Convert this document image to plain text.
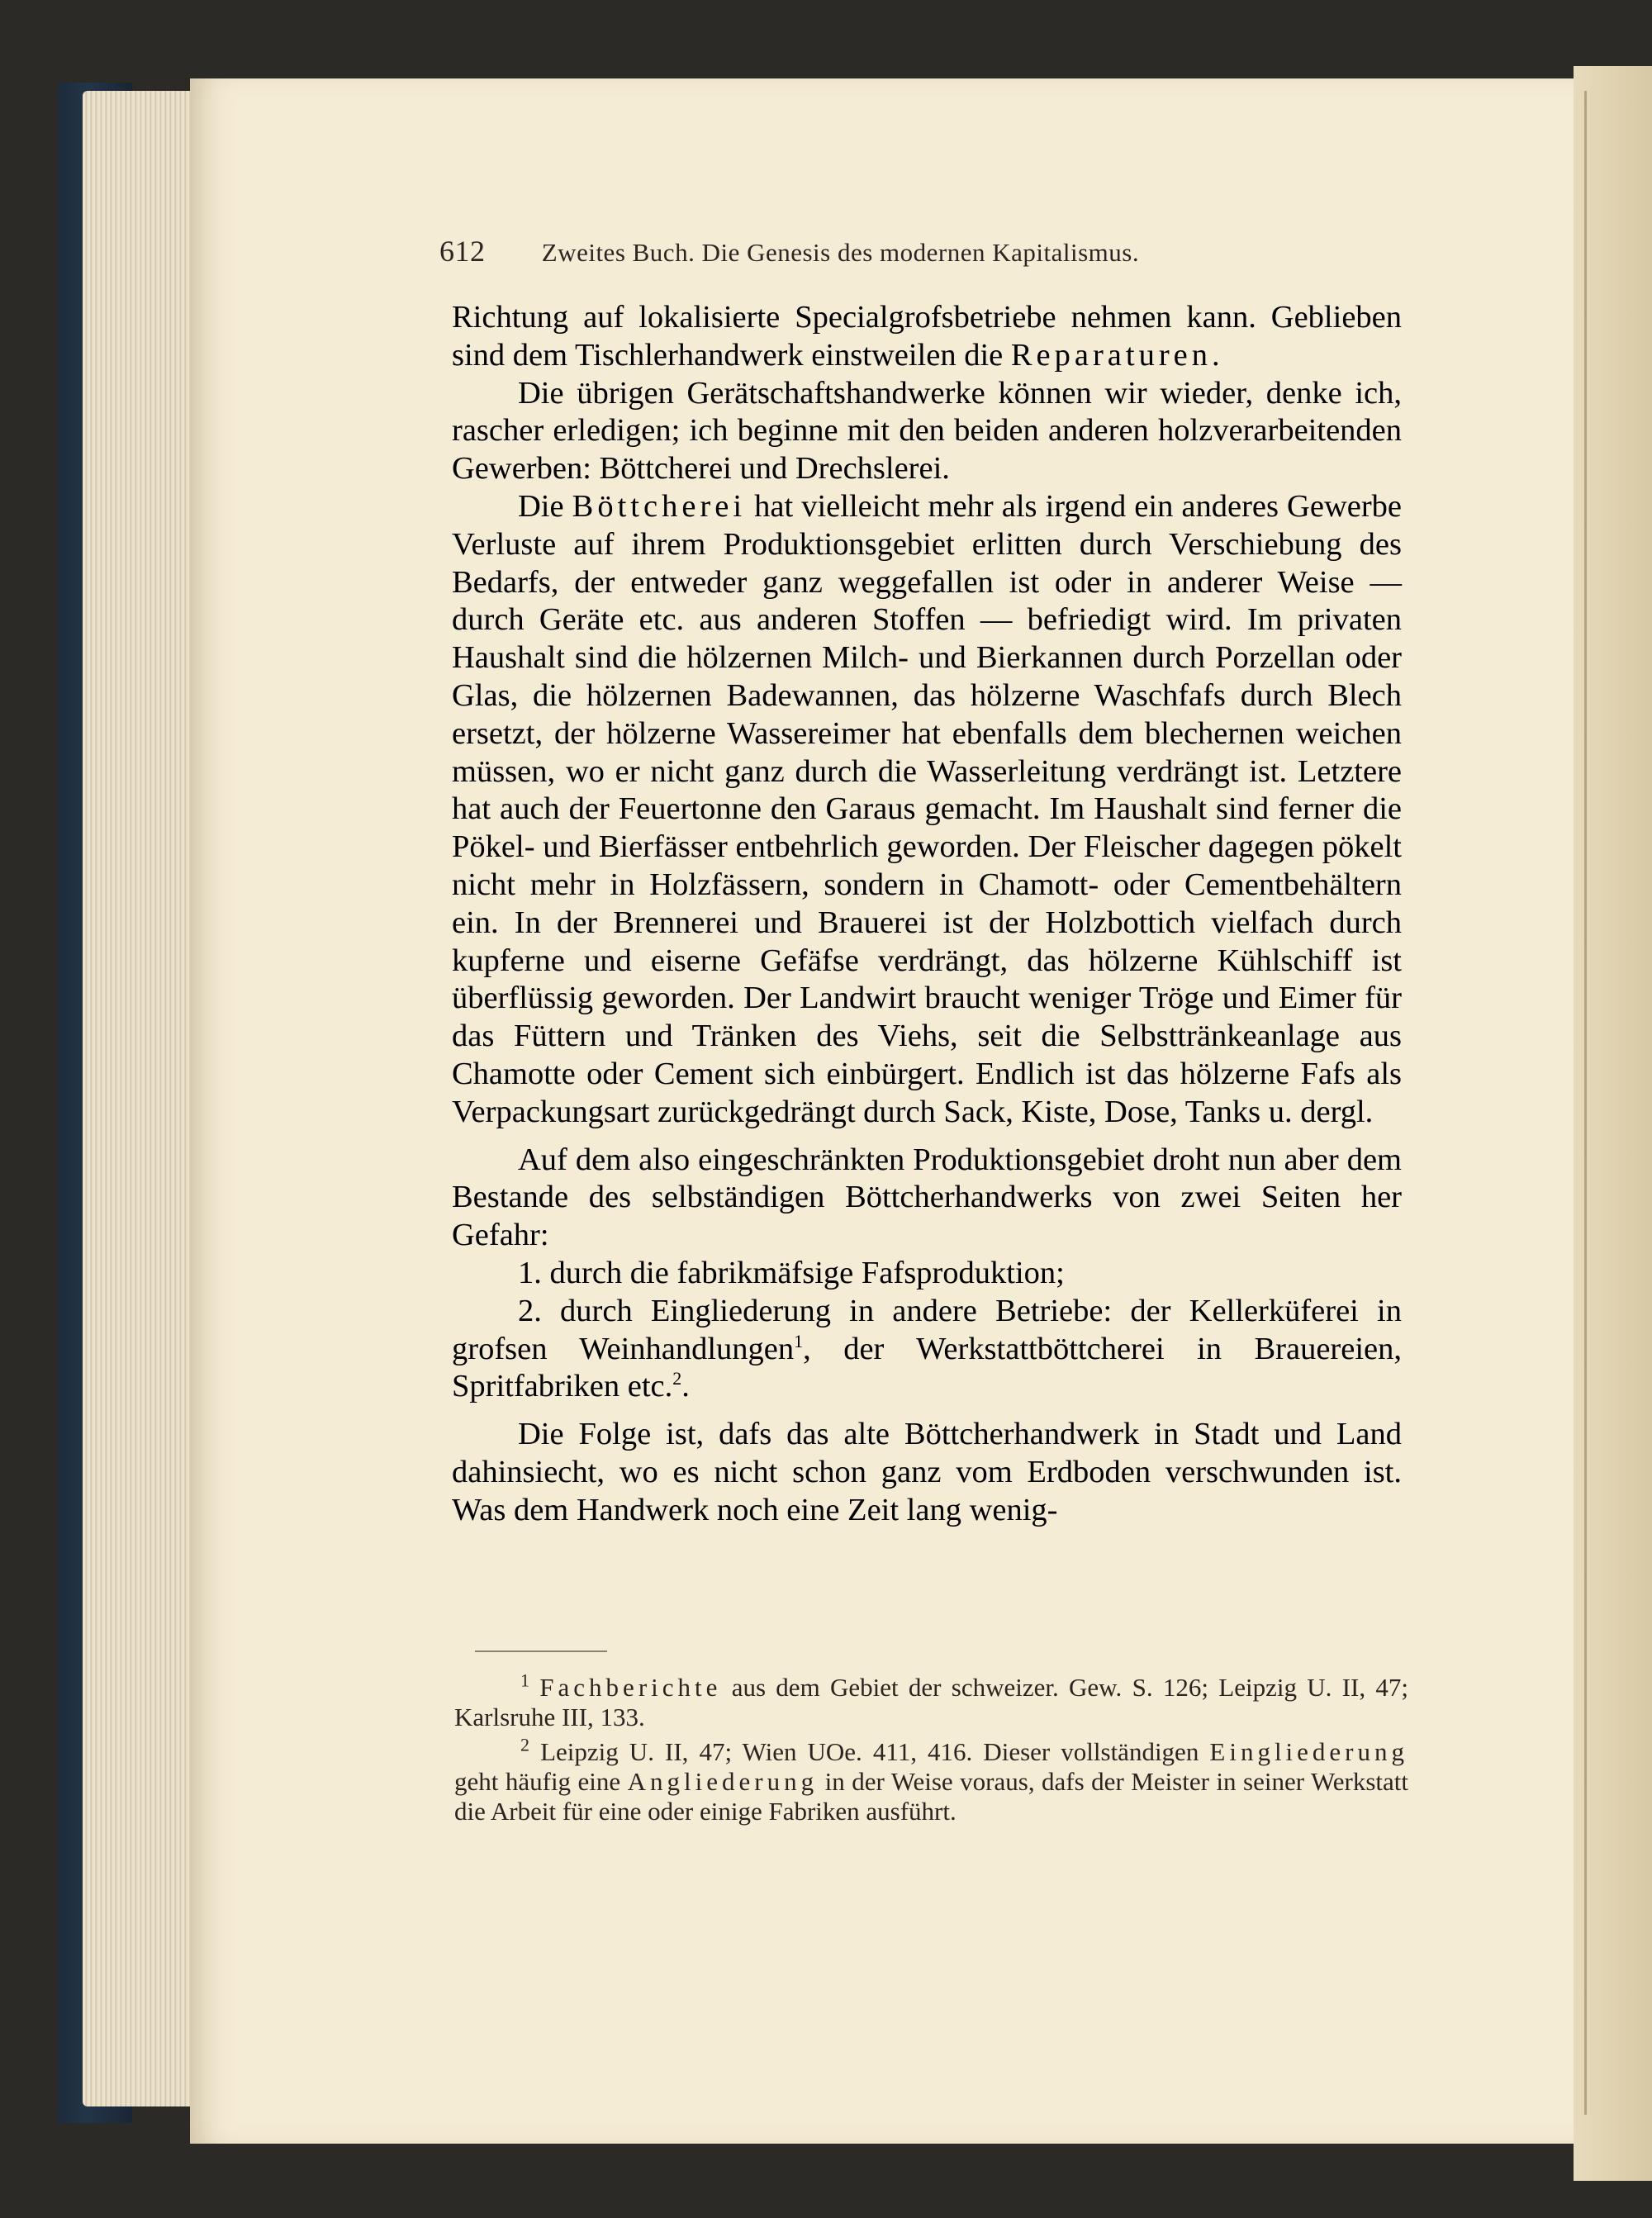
612 Zweites Buch. Die Genesis des modernen Kapitalismus.

Richtung auf lokalisierte Specialgrofsbetriebe nehmen kann. Geblieben sind dem Tischlerhandwerk einstweilen die Reparaturen.

Die übrigen Gerätschaftshandwerke können wir wieder, denke ich, rascher erledigen; ich beginne mit den beiden anderen holzverarbeitenden Gewerben: Böttcherei und Drechslerei.

Die Böttcherei hat vielleicht mehr als irgend ein anderes Gewerbe Verluste auf ihrem Produktionsgebiet erlitten durch Verschiebung des Bedarfs, der entweder ganz weggefallen ist oder in anderer Weise — durch Geräte etc. aus anderen Stoffen — befriedigt wird. Im privaten Haushalt sind die hölzernen Milch- und Bierkannen durch Porzellan oder Glas, die hölzernen Badewannen, das hölzerne Waschfafs durch Blech ersetzt, der hölzerne Wassereimer hat ebenfalls dem blechernen weichen müssen, wo er nicht ganz durch die Wasserleitung verdrängt ist. Letztere hat auch der Feuertonne den Garaus gemacht. Im Haushalt sind ferner die Pökel- und Bierfässer entbehrlich geworden. Der Fleischer dagegen pökelt nicht mehr in Holzfässern, sondern in Chamott- oder Cementbehältern ein. In der Brennerei und Brauerei ist der Holzbottich vielfach durch kupferne und eiserne Gefäfse verdrängt, das hölzerne Kühlschiff ist überflüssig geworden. Der Landwirt braucht weniger Tröge und Eimer für das Füttern und Tränken des Viehs, seit die Selbsttränkeanlage aus Chamotte oder Cement sich einbürgert. Endlich ist das hölzerne Fafs als Verpackungsart zurückgedrängt durch Sack, Kiste, Dose, Tanks u. dergl.

Auf dem also eingeschränkten Produktionsgebiet droht nun aber dem Bestande des selbständigen Böttcherhandwerks von zwei Seiten her Gefahr:

1. durch die fabrikmäfsige Fafsproduktion;

2. durch Eingliederung in andere Betriebe: der Kellerküferei in grofsen Weinhandlungen$^1$, der Werkstattböttcherei in Brauereien, Spritfabriken etc.$^2$.

Die Folge ist, dafs das alte Böttcherhandwerk in Stadt und Land dahinsiecht, wo es nicht schon ganz vom Erdboden verschwunden ist. Was dem Handwerk noch eine Zeit lang wenig-

$^1$ Fachberichte aus dem Gebiet der schweizer. Gew. S. 126; Leipzig U. II, 47; Karlsruhe III, 133.

$^2$ Leipzig U. II, 47; Wien UOe. 411, 416. Dieser vollständigen Eingliederung geht häufig eine Angliederung in der Weise voraus, dafs der Meister in seiner Werkstatt die Arbeit für eine oder einige Fabriken ausführt.
